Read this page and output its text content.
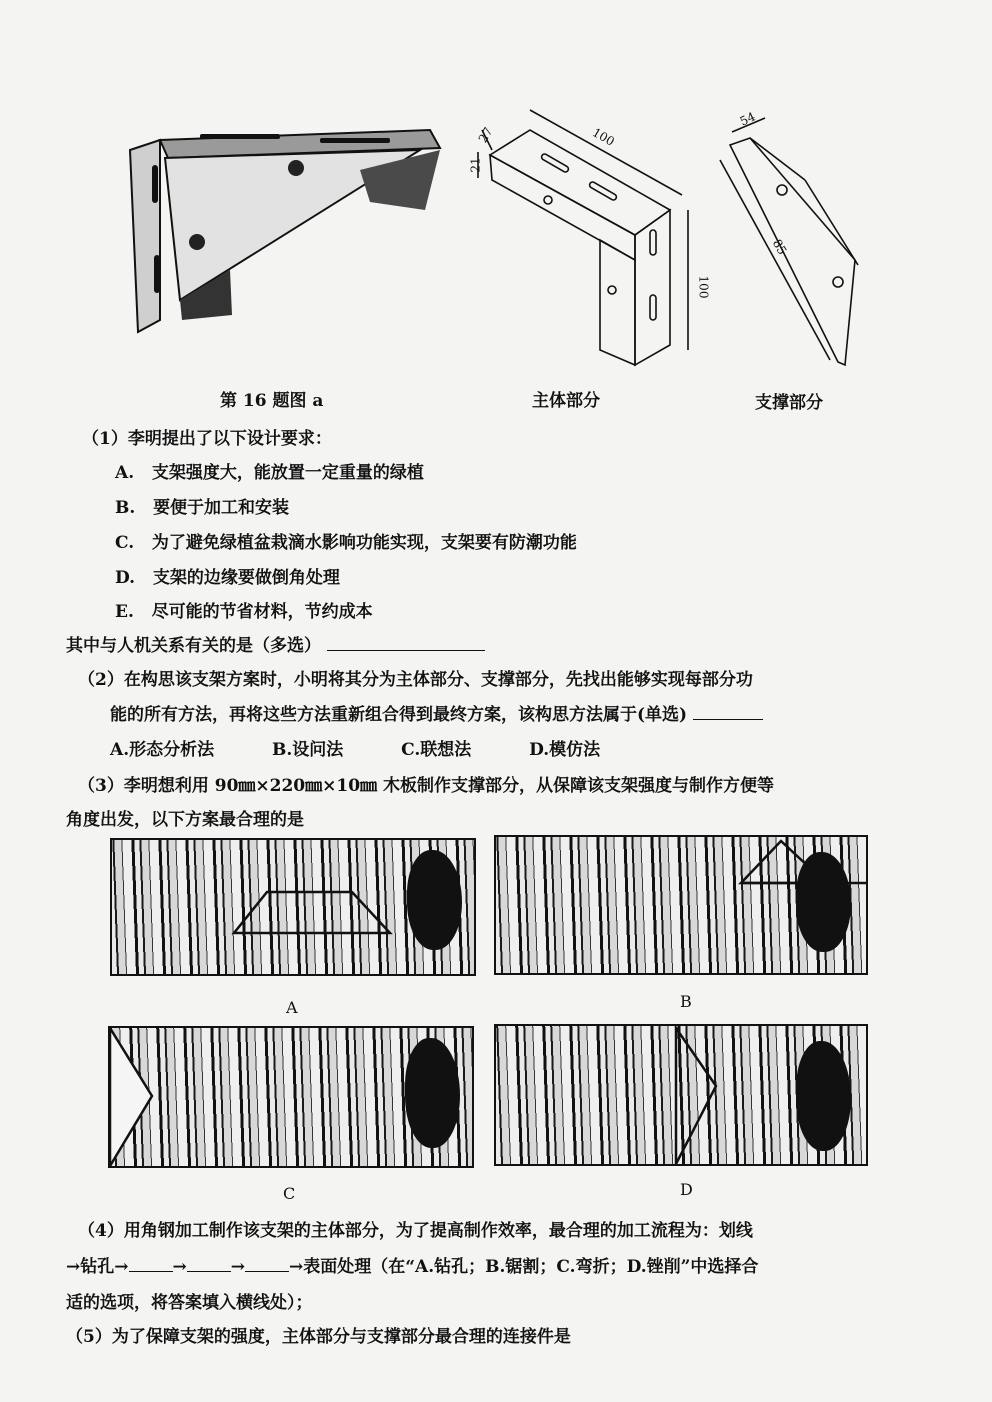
100
100
21
27
54
85
第 16 题图 a	主体部分	支撑部分
（1）李明提出了以下设计要求：
A. 支架强度大，能放置一定重量的绿植
B. 要便于加工和安装
C. 为了避免绿植盆栽滴水影响功能实现，支架要有防潮功能
D. 支架的边缘要做倒角处理
E. 尽可能的节省材料，节约成本
其中与人机关系有关的是（多选）
（2）在构思该支架方案时，小明将其分为主体部分、支撑部分，先找出能够实现每部分功
能的所有方法，再将这些方法重新组合得到最终方案，该构思方法属于(单选)
A.形态分析法	B.设问法	C.联想法	D.模仿法
（3）李明想利用 90㎜×220㎜×10㎜ 木板制作支撑部分，从保障该支架强度与制作方便等
角度出发，以下方案最合理的是
A	B
C	D
（4）用角钢加工制作该支架的主体部分，为了提高制作效率，最合理的加工流程为：划线
→钻孔→	→	→	→表面处理（在“A.钻孔；B.锯割；C.弯折；D.锉削”中选择合
适的选项，将答案填入横线处）；
（5）为了保障支架的强度，主体部分与支撑部分最合理的连接件是
